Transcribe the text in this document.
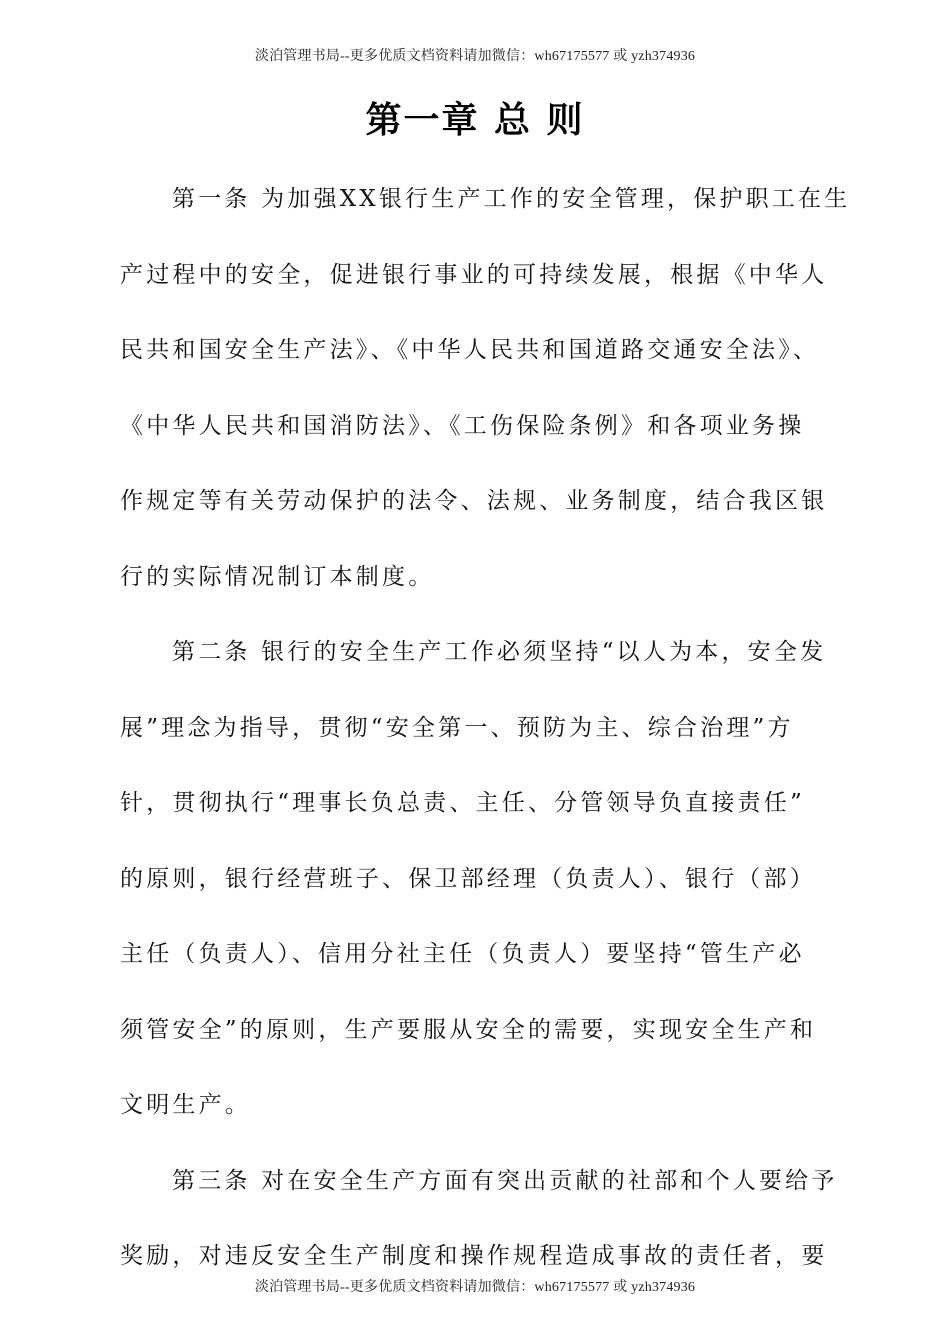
淡泊管理书局--更多优质文档资料请加微信：wh67175577 或 yzh374936
第一章 总 则
第一条 为加强XX银行生产工作的安全管理，保护职工在生
产过程中的安全，促进银行事业的可持续发展，根据《中华人
民共和国安全生产法》、《中华人民共和国道路交通安全法》、
《中华人民共和国消防法》、《工伤保险条例》和各项业务操
作规定等有关劳动保护的法令、法规、业务制度，结合我区银
行的实际情况制订本制度。
第二条 银行的安全生产工作必须坚持“以人为本，安全发
展”理念为指导，贯彻“安全第一、预防为主、综合治理”方
针，贯彻执行“理事长负总责、主任、分管领导负直接责任”
的原则，银行经营班子、保卫部经理（负责人）、银行（部）
主任（负责人）、信用分社主任（负责人）要坚持“管生产必
须管安全”的原则，生产要服从安全的需要，实现安全生产和
文明生产。
第三条 对在安全生产方面有突出贡献的社部和个人要给予
奖励，对违反安全生产制度和操作规程造成事故的责任者，要
淡泊管理书局--更多优质文档资料请加微信：wh67175577 或 yzh374936
